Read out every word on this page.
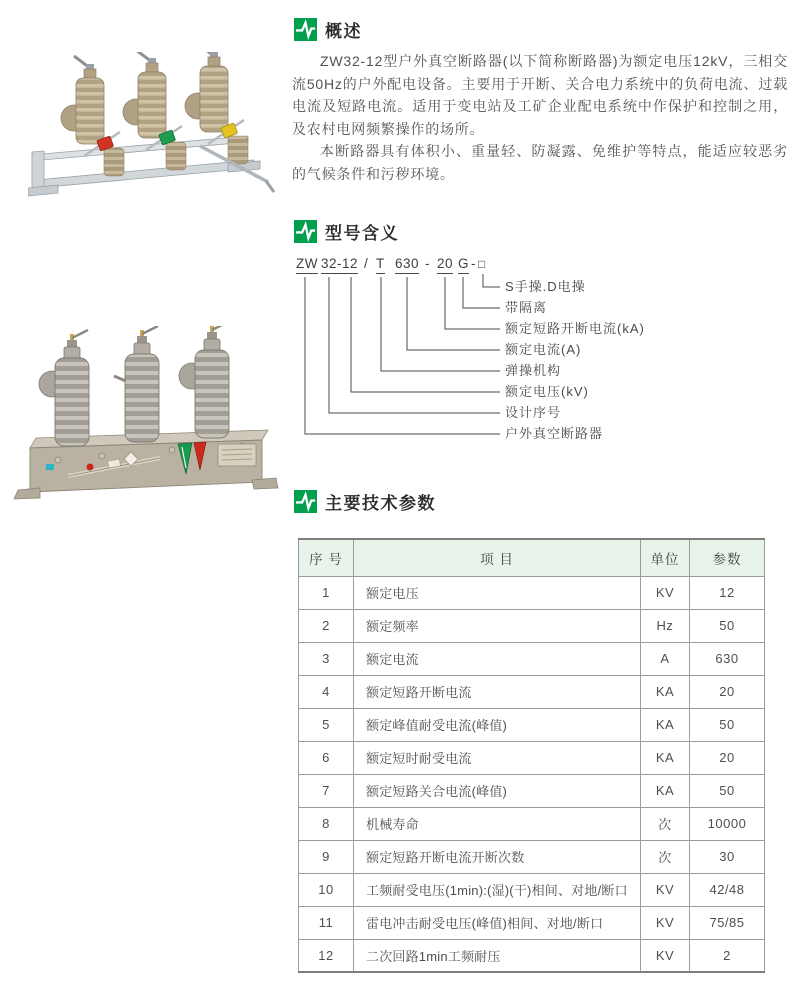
概述

ZW32-12型户外真空断路器(以下简称断路器)为额定电压12kV，三相交流50Hz的户外配电设备。主要用于开断、关合电力系统中的负荷电流、过载电流及短路电流。适用于变电站及工矿企业配电系统中作保护和控制之用，及农村电网频繁操作的场所。

本断路器具有体积小、重量轻、防凝露、免维护等特点，能适应较恶劣的气候条件和污秽环境。

型号含义
ZW 32-12 / T 630 - 20 G - □
S手操.D电操
带隔离
额定短路开断电流(kA)
额定电流(A)
弹操机构
额定电压(kV)
设计序号
户外真空断路器
主要技术参数
序 号	项 目	单位	参数
1	额定电压	KV	12
2	额定频率	Hz	50
3	额定电流	A	630
4	额定短路开断电流	KA	20
5	额定峰值耐受电流(峰值)	KA	50
6	额定短时耐受电流	KA	20
7	额定短路关合电流(峰值)	KA	50
8	机械寿命	次	10000
9	额定短路开断电流开断次数	次	30
10	工频耐受电压(1min):(湿)(干)相间、对地/断口	KV	42/48
11	雷电冲击耐受电压(峰值)相间、对地/断口	KV	75/85
12	二次回路1min工频耐压	KV	2
